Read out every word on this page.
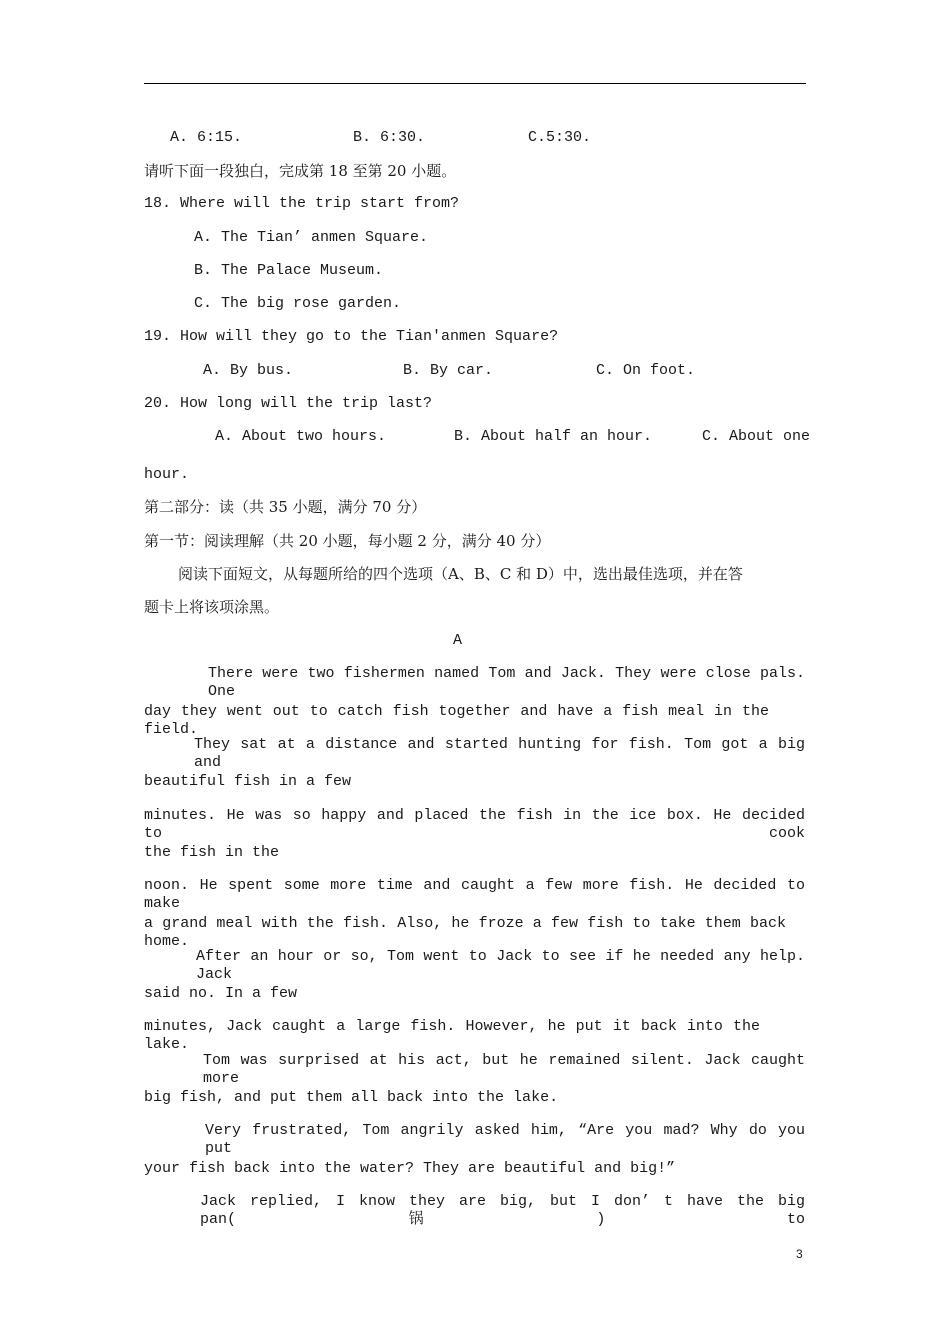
A. 6:15.	B. 6:30.	C.5:30.
请听下面一段独白，完成第 18 至第 20 小题。
18. Where will the trip start from?
A. The Tian’ anmen Square.
B. The Palace Museum.
C. The big rose garden.
19. How will they go to the Tian'anmen Square?
A. By bus.	B. By car.	C. On foot.
20. How long will the trip last?
A. About two hours.	B. About half an hour.	C. About one
hour.
第二部分：读（共 35 小题，满分 70 分）
第一节：阅读理解（共 20 小题，每小题 2 分，满分 40 分）
阅读下面短文，从每题所给的四个选项（A、B、C 和 D）中，选出最佳选项，并在答
题卡上将该项涂黑。
A
There were two fishermen named Tom and Jack. They were close pals. One
day they went out to catch fish together and have a fish meal in the field.
They sat at a distance and started hunting for fish. Tom got a big and
beautiful fish in a few
minutes. He was so happy and placed the fish in the ice box. He decided to cook
the fish in the
noon. He spent some more time and caught a few more fish. He decided to make
a grand meal with the fish. Also, he froze a few fish to take them back home.
After an hour or so, Tom went to Jack to see if he needed any help. Jack
said no. In a few
minutes, Jack caught a large fish. However, he put it back into the lake.
Tom was surprised at his act, but he remained silent. Jack caught more
big fish, and put them all back into the lake.
Very frustrated, Tom angrily asked him, “Are you mad? Why do you put
your fish back into the water? They are beautiful and big!”
Jack replied, I know they are big, but I don’ t have the big pan(锅) to
3
